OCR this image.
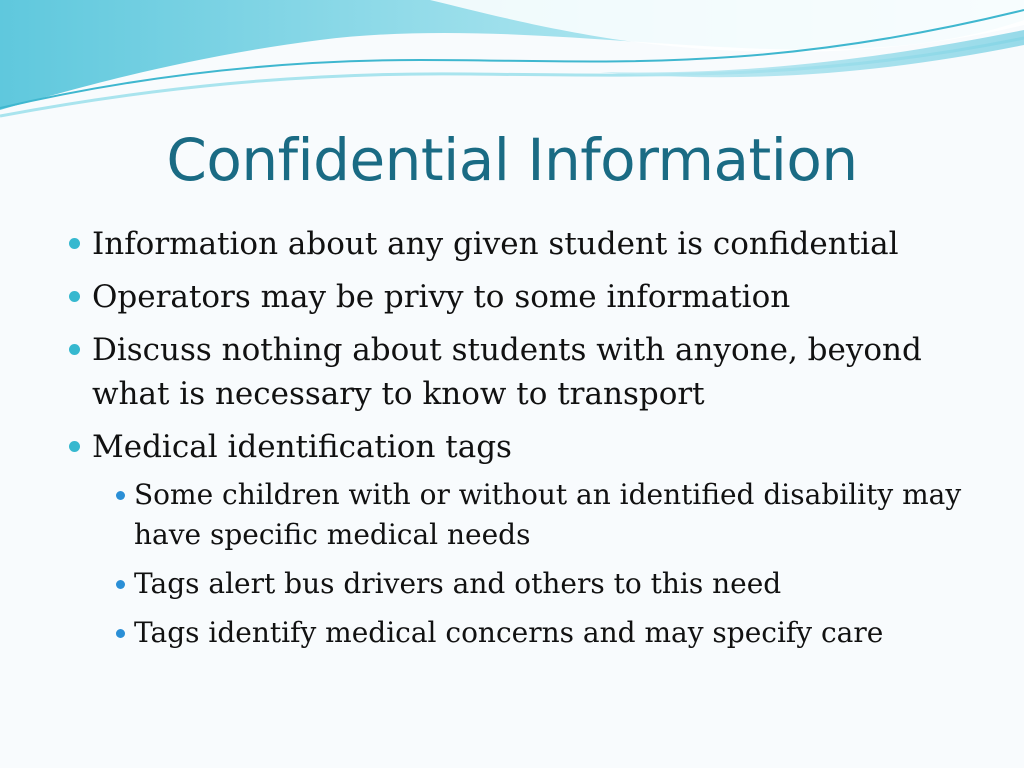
Confidential Information
Information about any given student is confidential
Operators may be privy to some information
Discuss nothing about students with anyone, beyond what is necessary to know to transport
Medical identification tags
Some children with or without an identified disability may have specific medical needs
Tags alert bus drivers and others to this need
Tags identify medical concerns and may specify care
